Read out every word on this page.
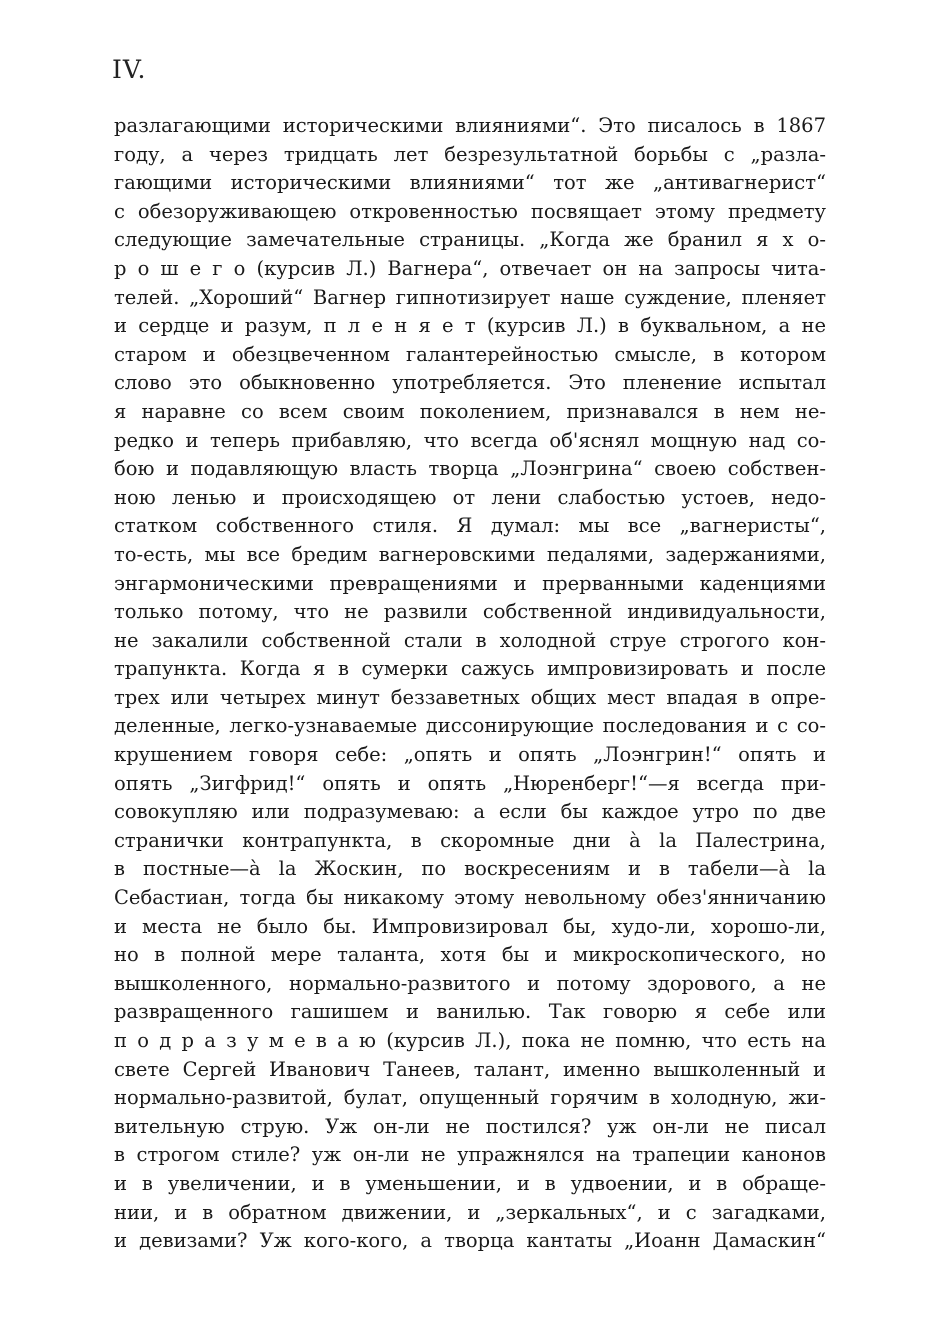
IV.
разлагающими историческими влияниями“. Это писалось в 1867
году, а через тридцать лет безрезультатной борьбы с „разла-
гающими историческими влияниями“ тот же „антивагнерист“
с обезоруживающею откровенностью посвящает этому предмету
следующие замечательные страницы. „Когда же бранил я х о-
р о ш е г о (курсив Л.) Вагнера“, отвечает он на запросы чита-
телей. „Хороший“ Вагнер гипнотизирует наше суждение, пленяет
и сердце и разум, п л е н я е т (курсив Л.) в буквальном, а не
старом и обезцвеченном галантерейностью смысле, в котором
слово это обыкновенно употребляется. Это пленение испытал
я наравне со всем своим поколением, признавался в нем не-
редко и теперь прибавляю, что всегда об'яснял мощную над со-
бою и подавляющую власть творца „Лоэнгрина“ своею собствен-
ною ленью и происходящею от лени слабостью устоев, недо-
статком собственного стиля. Я думал: мы все „вагнеристы“,
то-есть, мы все бредим вагнеровскими педалями, задержаниями,
энгармоническими превращениями и прерванными каденциями
только потому, что не развили собственной индивидуальности,
не закалили собственной стали в холодной струе строгого кон-
трапункта. Когда я в сумерки сажусь импровизировать и после
трех или четырех минут беззаветных общих мест впадая в опре-
деленные, легко-узнаваемые диссонирующие последования и с со-
крушением говоря себе: „опять и опять „Лоэнгрин!“ опять и
опять „Зигфрид!“ опять и опять „Нюренберг!“—я всегда при-
совокупляю или подразумеваю: а если бы каждое утро по две
странички контрапункта, в скоромные дни à la Палестрина,
в постные—à la Жоскин, по воскресениям и в табели—à la
Себастиан, тогда бы никакому этому невольному обез'янничанию
и места не было бы. Импровизировал бы, худо-ли, хорошо-ли,
но в полной мере таланта, хотя бы и микроскопического, но
вышколенного, нормально-развитого и потому здорового, а не
развращенного гашишем и ванилью. Так говорю я себе или
п о д р а з у м е в а ю (курсив Л.), пока не помню, что есть на
свете Сергей Иванович Танеев, талант, именно вышколенный и
нормально-развитой, булат, опущенный горячим в холодную, жи-
вительную струю. Уж он-ли не постился? уж он-ли не писал
в строгом стиле? уж он-ли не упражнялся на трапеции канонов
и в увеличении, и в уменьшении, и в удвоении, и в обраще-
нии, и в обратном движении, и „зеркальных“, и с загадками,
и девизами? Уж кого-кого, а творца кантаты „Иоанн Дамаскин“
